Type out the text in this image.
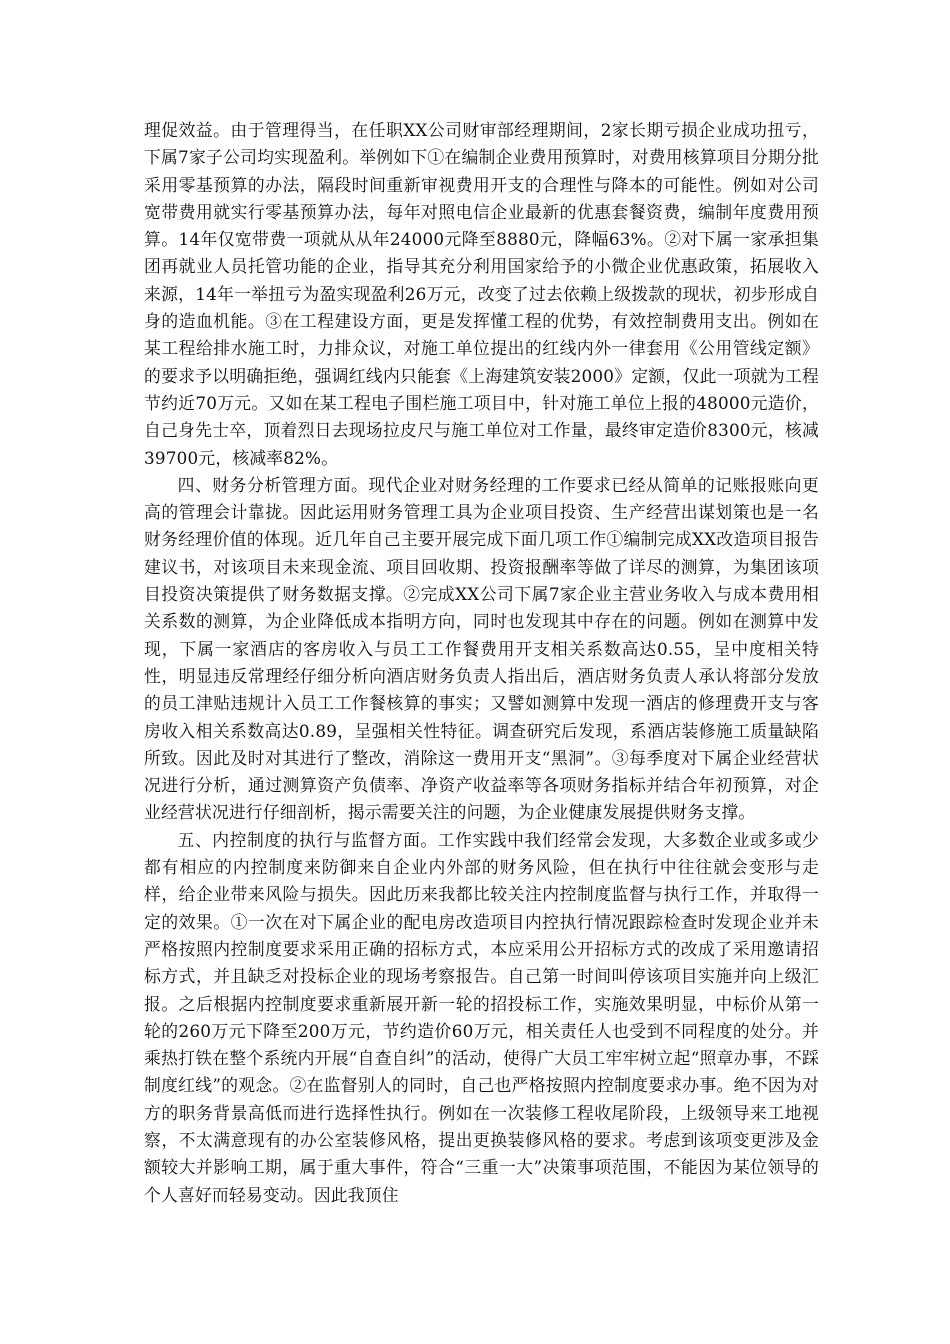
理促效益。由于管理得当，在任职XX公司财审部经理期间，2家长期亏损企业成功扭亏，下属7家子公司均实现盈利。举例如下①在编制企业费用预算时，对费用核算项目分期分批采用零基预算的办法，隔段时间重新审视费用开支的合理性与降本的可能性。例如对公司宽带费用就实行零基预算办法，每年对照电信企业最新的优惠套餐资费，编制年度费用预算。14年仅宽带费一项就从从年24000元降至8880元，降幅63%。②对下属一家承担集团再就业人员托管功能的企业，指导其充分利用国家给予的小微企业优惠政策，拓展收入来源，14年一举扭亏为盈实现盈利26万元，改变了过去依赖上级拨款的现状，初步形成自身的造血机能。③在工程建设方面，更是发挥懂工程的优势，有效控制费用支出。例如在某工程给排水施工时，力排众议，对施工单位提出的红线内外一律套用《公用管线定额》的要求予以明确拒绝，强调红线内只能套《上海建筑安装2000》定额，仅此一项就为工程节约近70万元。又如在某工程电子围栏施工项目中，针对施工单位上报的48000元造价，自己身先士卒，顶着烈日去现场拉皮尺与施工单位对工作量，最终审定造价8300元，核减39700元，核减率82%。

四、财务分析管理方面。现代企业对财务经理的工作要求已经从简单的记账报账向更高的管理会计靠拢。因此运用财务管理工具为企业项目投资、生产经营出谋划策也是一名财务经理价值的体现。近几年自己主要开展完成下面几项工作①编制完成XX改造项目报告建议书，对该项目未来现金流、项目回收期、投资报酬率等做了详尽的测算，为集团该项目投资决策提供了财务数据支撑。②完成XX公司下属7家企业主营业务收入与成本费用相关系数的测算，为企业降低成本指明方向，同时也发现其中存在的问题。例如在测算中发现，下属一家酒店的客房收入与员工工作餐费用开支相关系数高达0.55，呈中度相关特性，明显违反常理经仔细分析向酒店财务负责人指出后，酒店财务负责人承认将部分发放的员工津贴违规计入员工工作餐核算的事实；又譬如测算中发现一酒店的修理费开支与客房收入相关系数高达0.89，呈强相关性特征。调查研究后发现，系酒店装修施工质量缺陷所致。因此及时对其进行了整改，消除这一费用开支“黑洞”。③每季度对下属企业经营状况进行分析，通过测算资产负债率、净资产收益率等各项财务指标并结合年初预算，对企业经营状况进行仔细剖析，揭示需要关注的问题，为企业健康发展提供财务支撑。

五、内控制度的执行与监督方面。工作实践中我们经常会发现，大多数企业或多或少都有相应的内控制度来防御来自企业内外部的财务风险，但在执行中往往就会变形与走样，给企业带来风险与损失。因此历来我都比较关注内控制度监督与执行工作，并取得一定的效果。①一次在对下属企业的配电房改造项目内控执行情况跟踪检查时发现企业并未严格按照内控制度要求采用正确的招标方式，本应采用公开招标方式的改成了采用邀请招标方式，并且缺乏对投标企业的现场考察报告。自己第一时间叫停该项目实施并向上级汇报。之后根据内控制度要求重新展开新一轮的招投标工作，实施效果明显，中标价从第一轮的260万元下降至200万元，节约造价60万元，相关责任人也受到不同程度的处分。并乘热打铁在整个系统内开展“自查自纠”的活动，使得广大员工牢牢树立起“照章办事，不踩制度红线”的观念。②在监督别人的同时，自己也严格按照内控制度要求办事。绝不因为对方的职务背景高低而进行选择性执行。例如在一次装修工程收尾阶段，上级领导来工地视察，不太满意现有的办公室装修风格，提出更换装修风格的要求。考虑到该项变更涉及金额较大并影响工期，属于重大事件，符合“三重一大”决策事项范围，不能因为某位领导的个人喜好而轻易变动。因此我顶住
